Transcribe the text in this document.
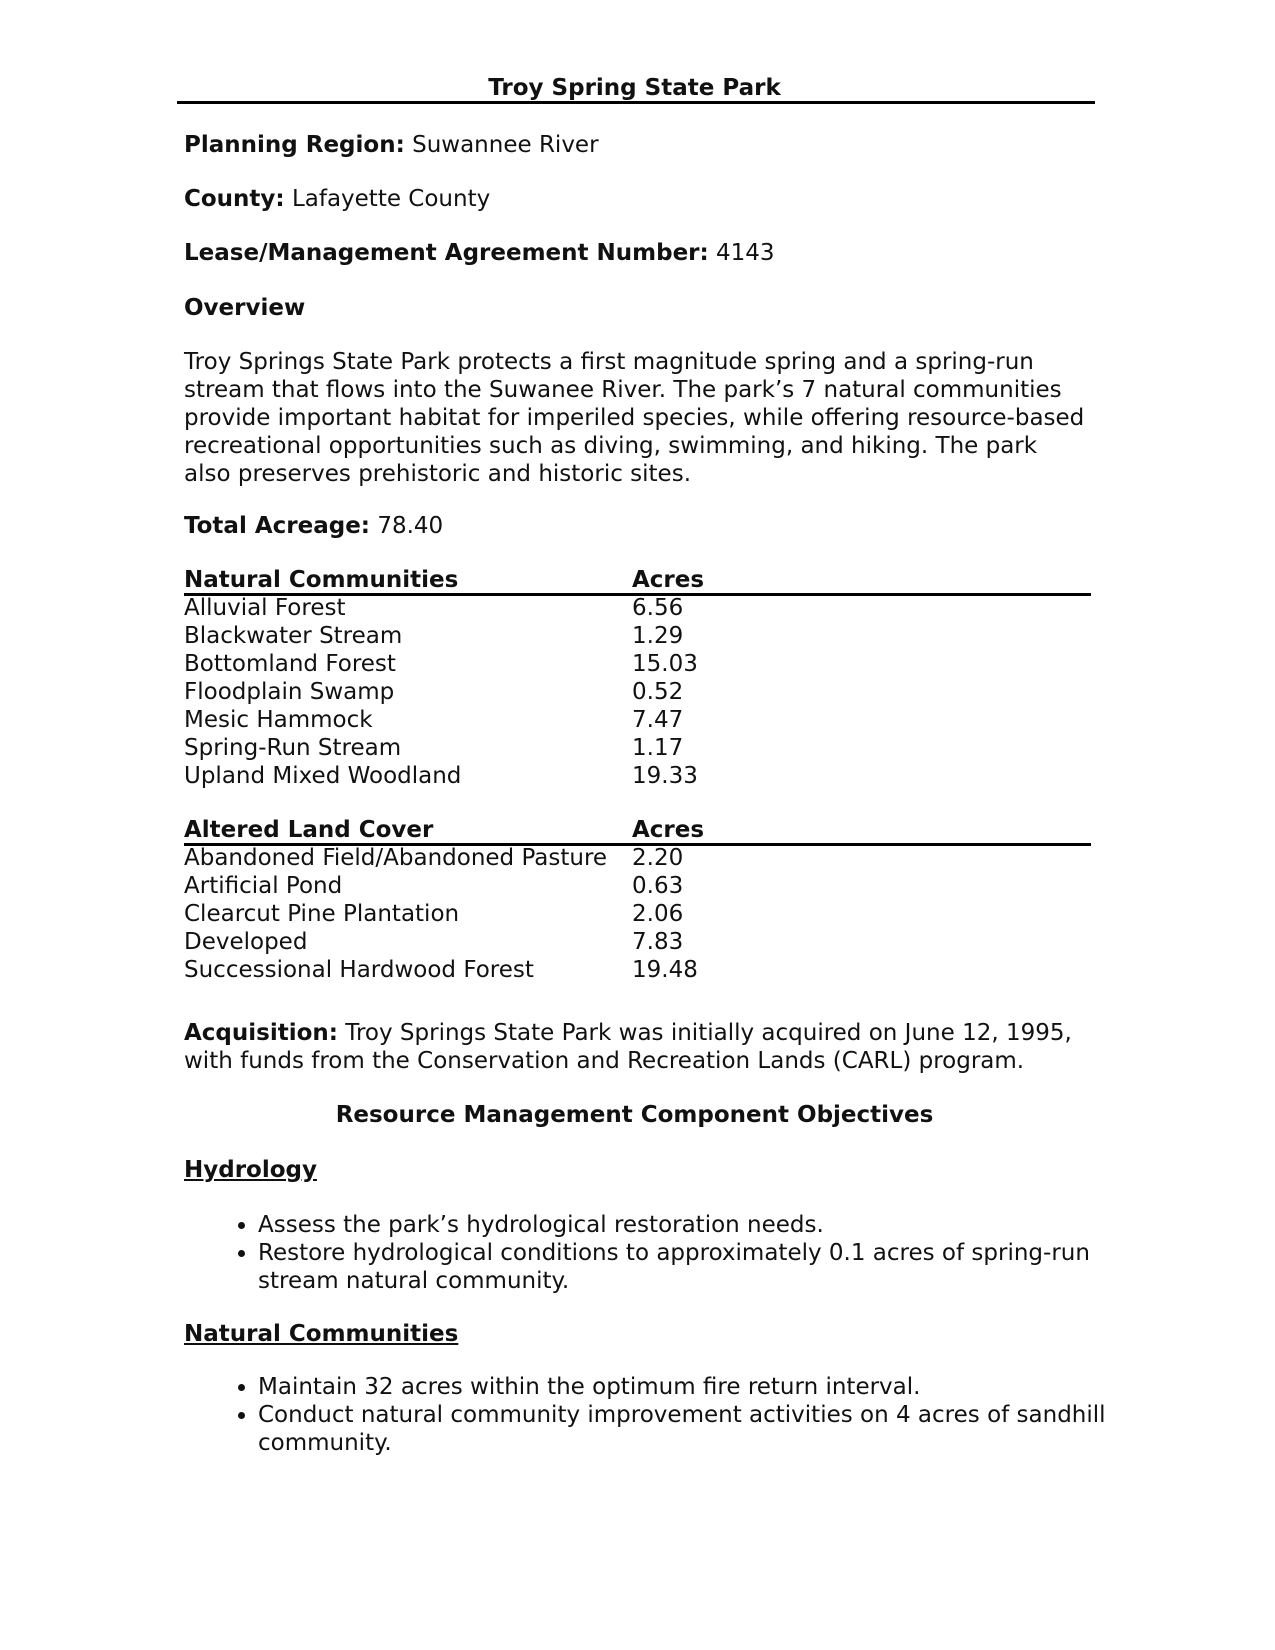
Troy Spring State Park
Planning Region: Suwannee River
County: Lafayette County
Lease/Management Agreement Number: 4143
Overview
Troy Springs State Park protects a first magnitude spring and a spring-run stream that flows into the Suwanee River. The park’s 7 natural communities provide important habitat for imperiled species, while offering resource-based recreational opportunities such as diving, swimming, and hiking. The park also preserves prehistoric and historic sites.
Total Acreage: 78.40
Natural Communities	Acres
Alluvial Forest	6.56
Blackwater Stream	1.29
Bottomland Forest	15.03
Floodplain Swamp	0.52
Mesic Hammock	7.47
Spring-Run Stream	1.17
Upland Mixed Woodland	19.33
Altered Land Cover	Acres
Abandoned Field/Abandoned Pasture 2.20
Artificial Pond	0.63
Clearcut Pine Plantation	2.06
Developed	7.83
Successional Hardwood Forest	19.48
Acquisition: Troy Springs State Park was initially acquired on June 12, 1995, with funds from the Conservation and Recreation Lands (CARL) program.
Resource Management Component Objectives
Hydrology
• Assess the park’s hydrological restoration needs.
• Restore hydrological conditions to approximately 0.1 acres of spring-run stream natural community.
Natural Communities
• Maintain 32 acres within the optimum fire return interval.
• Conduct natural community improvement activities on 4 acres of sandhill community.
